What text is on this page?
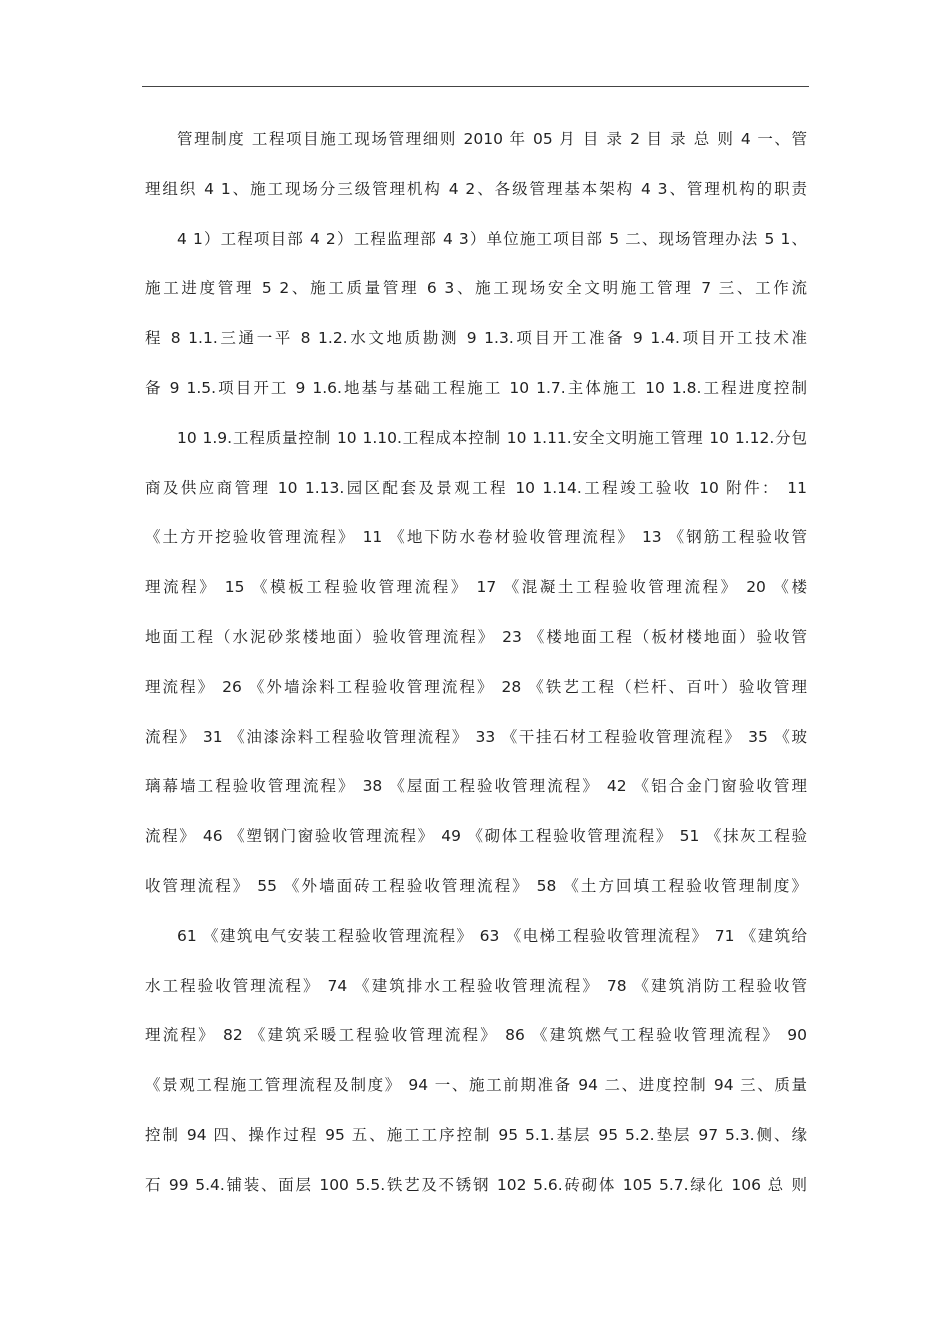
管理制度 工程项目施工现场管理细则 2010 年 05 月 目 录 2 目 录 总 则 4 一、管
理组织 4 1、施工现场分三级管理机构 4 2、各级管理基本架构 4 3、管理机构的职责
4 1）工程项目部 4 2）工程监理部 4 3）单位施工项目部 5 二、现场管理办法 5 1、
施工进度管理 5 2、施工质量管理 6 3、施工现场安全文明施工管理 7 三、工作流
程 8 1.1.三通一平 8 1.2.水文地质勘测 9 1.3.项目开工准备 9 1.4.项目开工技术准
备 9 1.5.项目开工 9 1.6.地基与基础工程施工 10 1.7.主体施工 10 1.8.工程进度控制
10 1.9.工程质量控制 10 1.10.工程成本控制 10 1.11.安全文明施工管理 10 1.12.分包
商及供应商管理 10 1.13.园区配套及景观工程 10 1.14.工程竣工验收 10 附件： 11
《土方开挖验收管理流程》 11 《地下防水卷材验收管理流程》 13 《钢筋工程验收管
理流程》 15 《模板工程验收管理流程》 17 《混凝土工程验收管理流程》 20 《楼
地面工程（水泥砂浆楼地面）验收管理流程》 23 《楼地面工程（板材楼地面）验收管
理流程》 26 《外墙涂料工程验收管理流程》 28 《铁艺工程（栏杆、百叶）验收管理
流程》 31 《油漆涂料工程验收管理流程》 33 《干挂石材工程验收管理流程》 35 《玻
璃幕墙工程验收管理流程》 38 《屋面工程验收管理流程》 42 《铝合金门窗验收管理
流程》 46 《塑钢门窗验收管理流程》 49 《砌体工程验收管理流程》 51 《抹灰工程验
收管理流程》 55 《外墙面砖工程验收管理流程》 58 《土方回填工程验收管理制度》
61 《建筑电气安装工程验收管理流程》 63 《电梯工程验收管理流程》 71 《建筑给
水工程验收管理流程》 74 《建筑排水工程验收管理流程》 78 《建筑消防工程验收管
理流程》 82 《建筑采暖工程验收管理流程》 86 《建筑燃气工程验收管理流程》 90
《景观工程施工管理流程及制度》 94 一、施工前期准备 94 二、进度控制 94 三、质量
控制 94 四、操作过程 95 五、施工工序控制 95 5.1.基层 95 5.2.垫层 97 5.3.侧、缘
石 99 5.4.铺装、面层 100 5.5.铁艺及不锈钢 102 5.6.砖砌体 105 5.7.绿化 106 总 则
